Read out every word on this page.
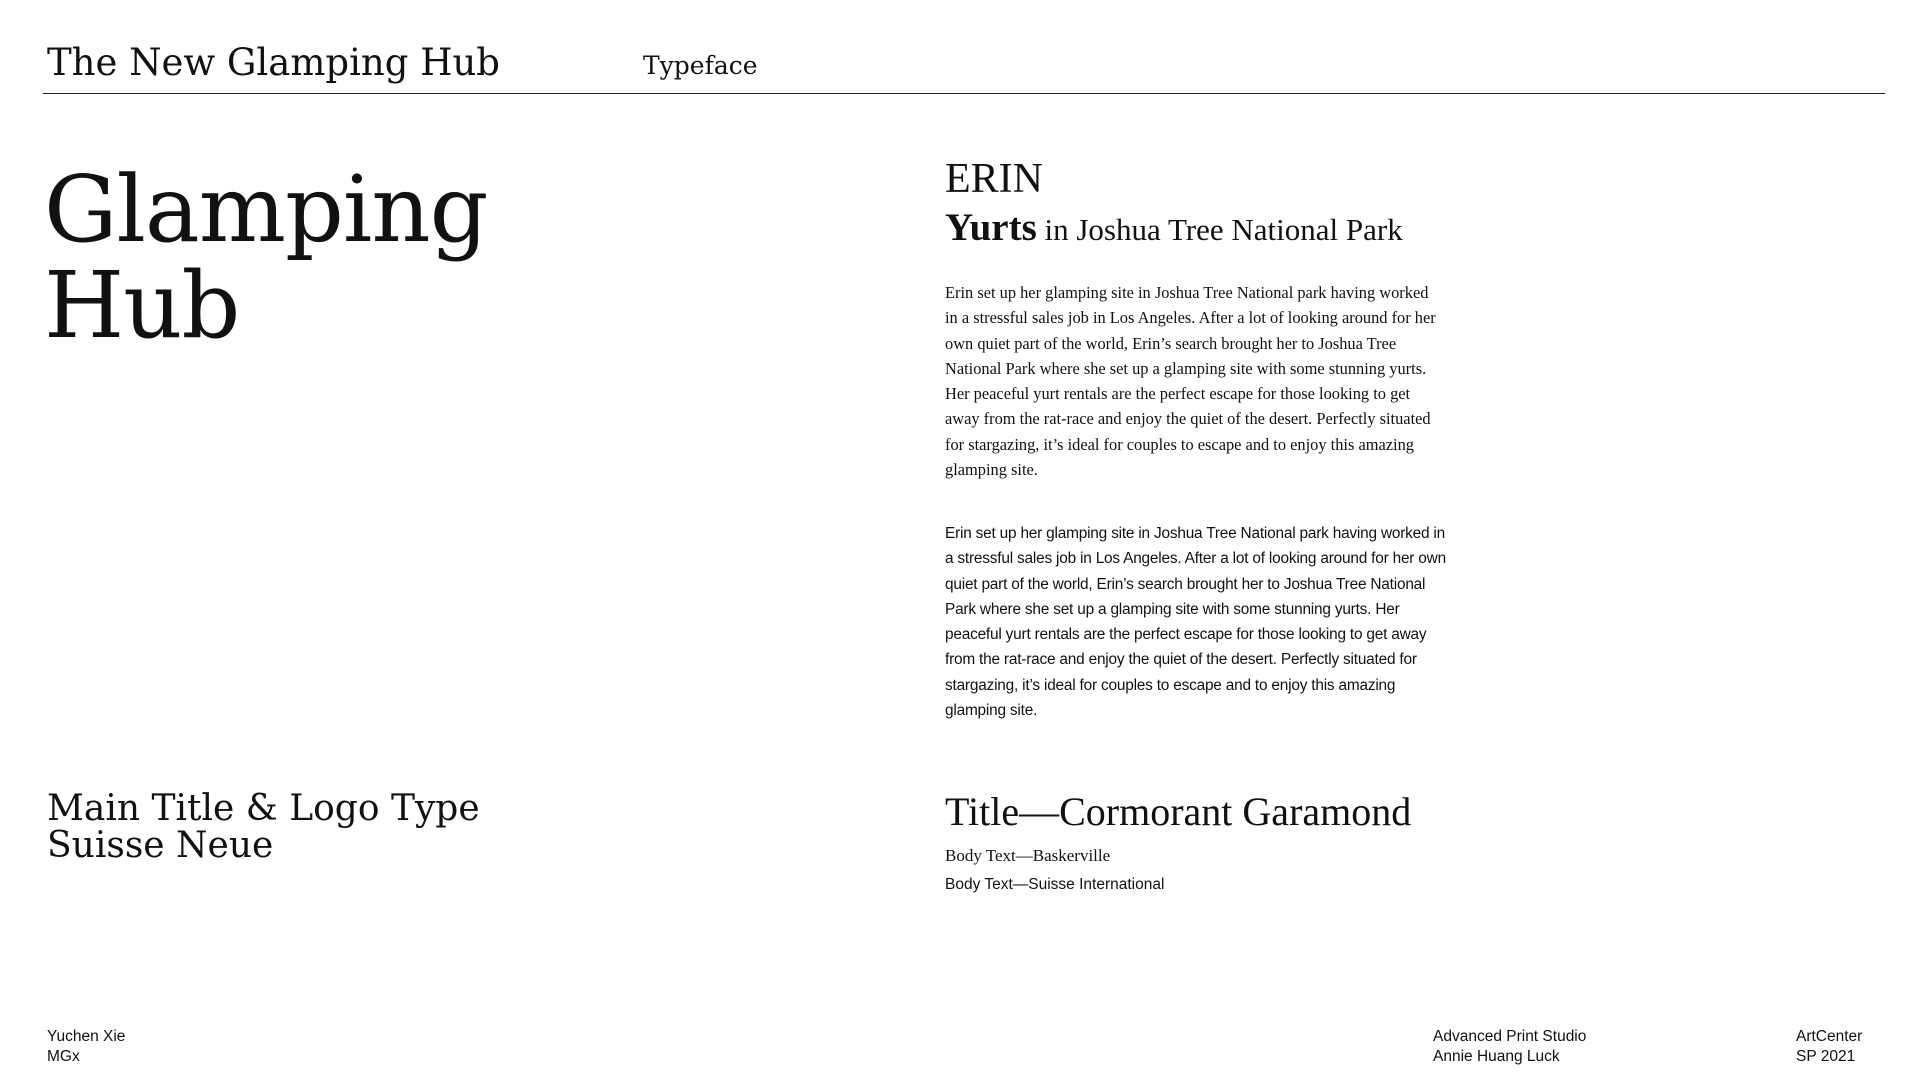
The New Glamping Hub	Typeface
Glamping
Hub
ERIN
Yurts in Joshua Tree National Park
Erin set up her glamping site in Joshua Tree National park having worked in a stressful sales job in Los Angeles. After a lot of looking around for her own quiet part of the world, Erin’s search brought her to Joshua Tree National Park where she set up a glamping site with some stunning yurts. Her peaceful yurt rentals are the perfect escape for those looking to get away from the rat-race and enjoy the quiet of the desert. Perfectly situated for stargazing, it’s ideal for couples to escape and to enjoy this amazing glamping site.
Erin set up her glamping site in Joshua Tree National park having worked in a stressful sales job in Los Angeles. After a lot of looking around for her own quiet part of the world, Erin’s search brought her to Joshua Tree National Park where she set up a glamping site with some stunning yurts. Her peaceful yurt rentals are the perfect escape for those looking to get away from the rat-race and enjoy the quiet of the desert. Perfectly situated for stargazing, it’s ideal for couples to escape and to enjoy this amazing glamping site.
Main Title & Logo Type
Suisse Neue
Title—Cormorant Garamond
Body Text—Baskerville
Body Text—Suisse International
Yuchen Xie
MGx
Advanced Print Studio
Annie Huang Luck
ArtCenter
SP 2021
